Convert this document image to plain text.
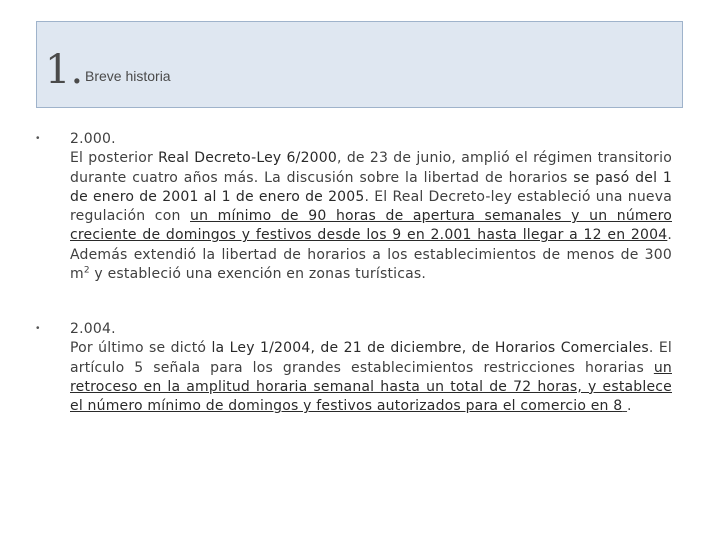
1. Breve historia
• 2.000.
El posterior Real Decreto-Ley 6/2000, de 23 de junio, amplió el régimen transitorio durante cuatro años más. La discusión sobre la libertad de horarios se pasó del 1 de enero de 2001 al 1 de enero de 2005. El Real Decreto-ley estableció una nueva regulación con un mínimo de 90 horas de apertura semanales y un número creciente de domingos y festivos desde los 9 en 2.001 hasta llegar a 12 en 2004. Además extendió la libertad de horarios a los establecimientos de menos de 300 $m^2$ y estableció una exención en zonas turísticas.
• 2.004.
Por último se dictó la Ley 1/2004, de 21 de diciembre, de Horarios Comerciales. El artículo 5 señala para los grandes establecimientos restricciones horarias un retroceso en la amplitud horaria semanal hasta un total de 72 horas, y establece el número mínimo de domingos y festivos autorizados para el comercio en 8 .
